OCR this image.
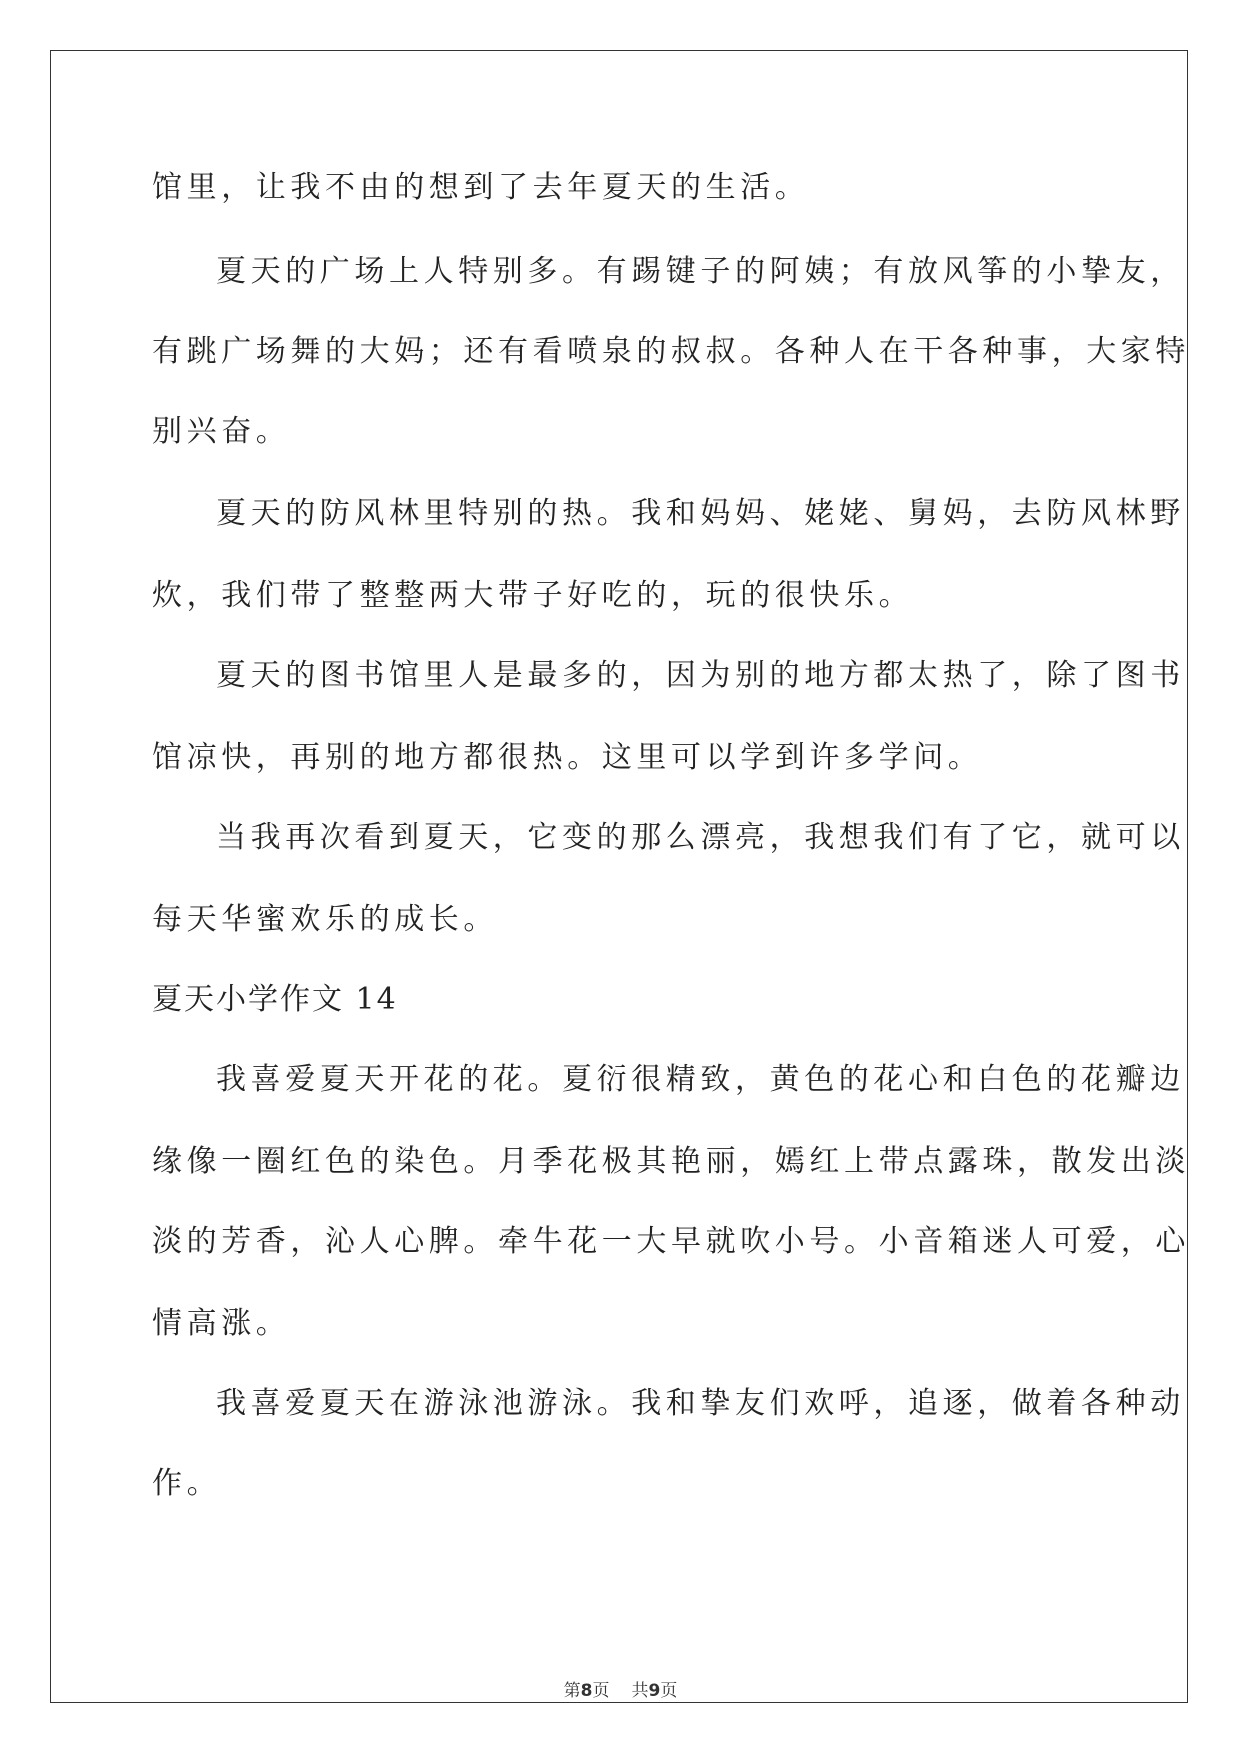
馆里，让我不由的想到了去年夏天的生活。
夏天的广场上人特别多。有踢键子的阿姨；有放风筝的小挚友，
有跳广场舞的大妈；还有看喷泉的叔叔。各种人在干各种事，大家特
别兴奋。
夏天的防风林里特别的热。我和妈妈、姥姥、舅妈，去防风林野
炊，我们带了整整两大带子好吃的，玩的很快乐。
夏天的图书馆里人是最多的，因为别的地方都太热了，除了图书
馆凉快，再别的地方都很热。这里可以学到许多学问。
当我再次看到夏天，它变的那么漂亮，我想我们有了它，就可以
每天华蜜欢乐的成长。
夏天小学作文 14
我喜爱夏天开花的花。夏衍很精致，黄色的花心和白色的花瓣边
缘像一圈红色的染色。月季花极其艳丽，嫣红上带点露珠，散发出淡
淡的芳香，沁人心脾。牵牛花一大早就吹小号。小音箱迷人可爱，心
情高涨。
我喜爱夏天在游泳池游泳。我和挚友们欢呼，追逐，做着各种动
作。
第8页 共9页
